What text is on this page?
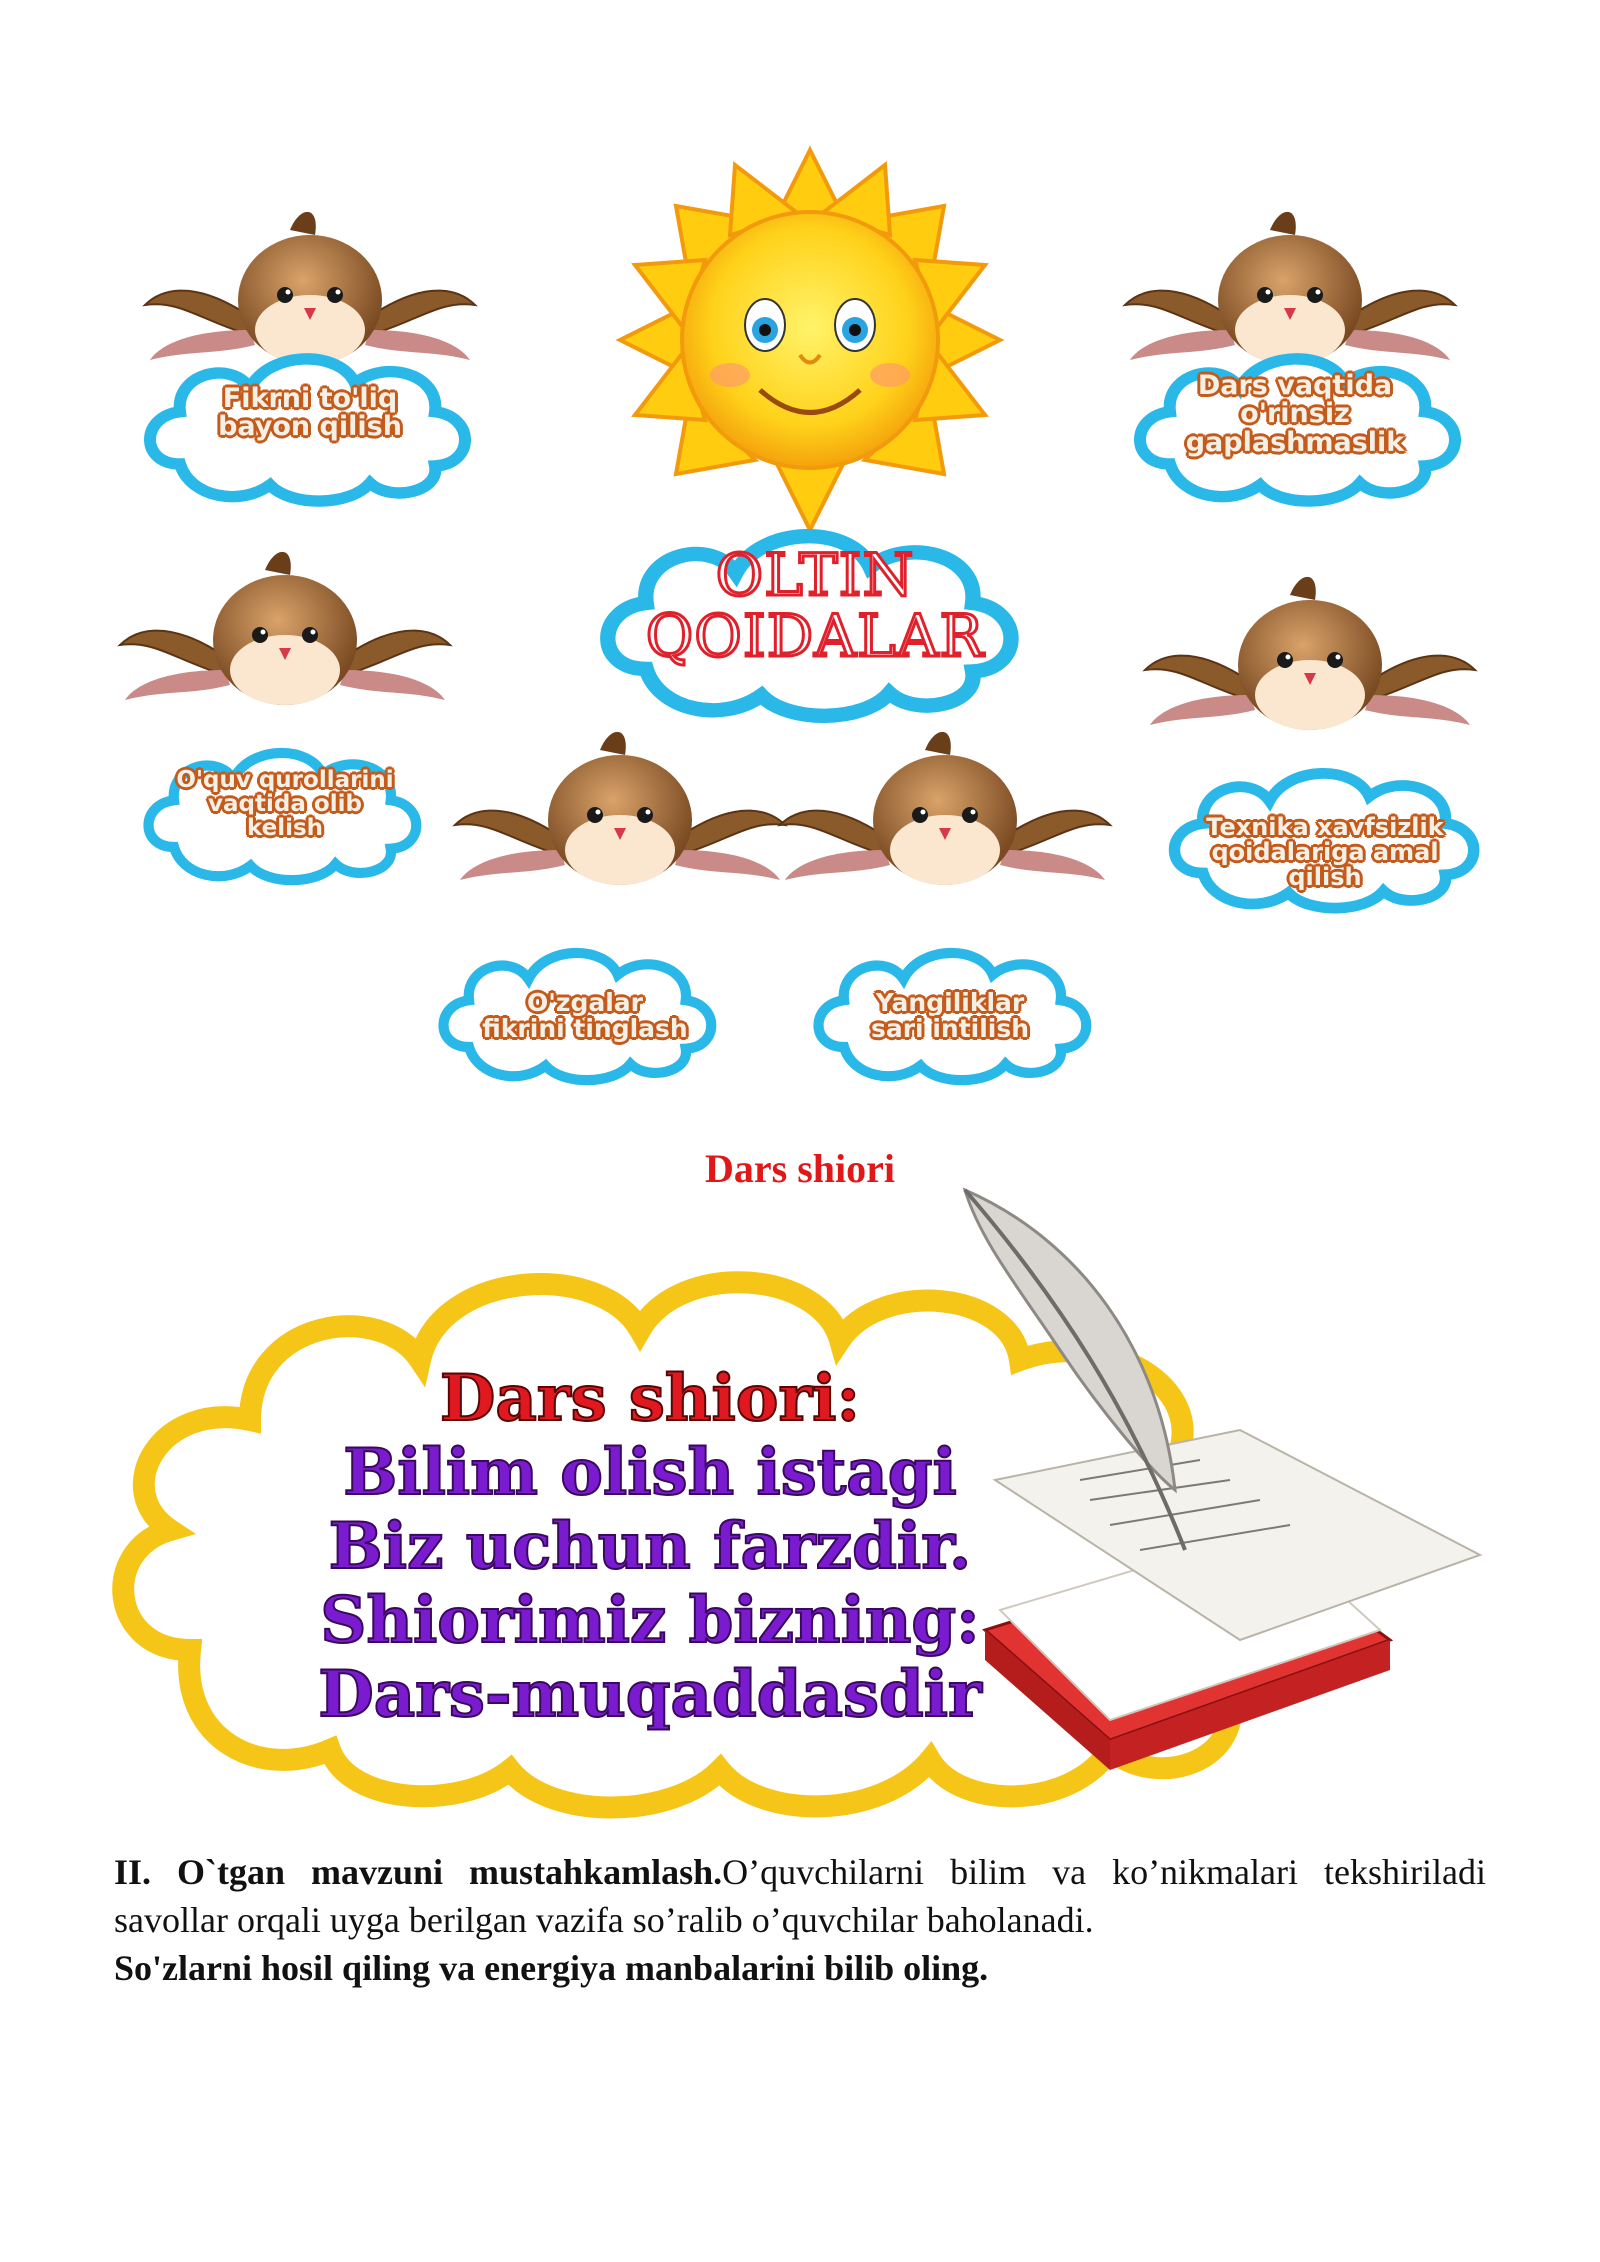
OLTIN
QOIDALAR
Fikrni to'liq
bayon qilish
Dars vaqtida
o'rinsiz
gaplashmaslik
O'quv qurollarini
vaqtida olib
kelish	Texnika xavfsizlik
qoidalariga amal
qilish
O'zgalar
fikrini tinglash
Yangiliklar
sari intilish
Dars shiori
Dars shiori:
Bilim olish istagi
Biz uchun farzdir.
Shiorimiz bizning:
Dars-muqaddasdir
II. O`tgan mavzuni mustahkamlash.O’quvchilarni bilim va ko’nikmalari tekshiriladi savollar orqali uyga berilgan vazifa so’ralib o’quvchilar baholanadi.
So'zlarni hosil qiling va energiya manbalarini bilib oling.
